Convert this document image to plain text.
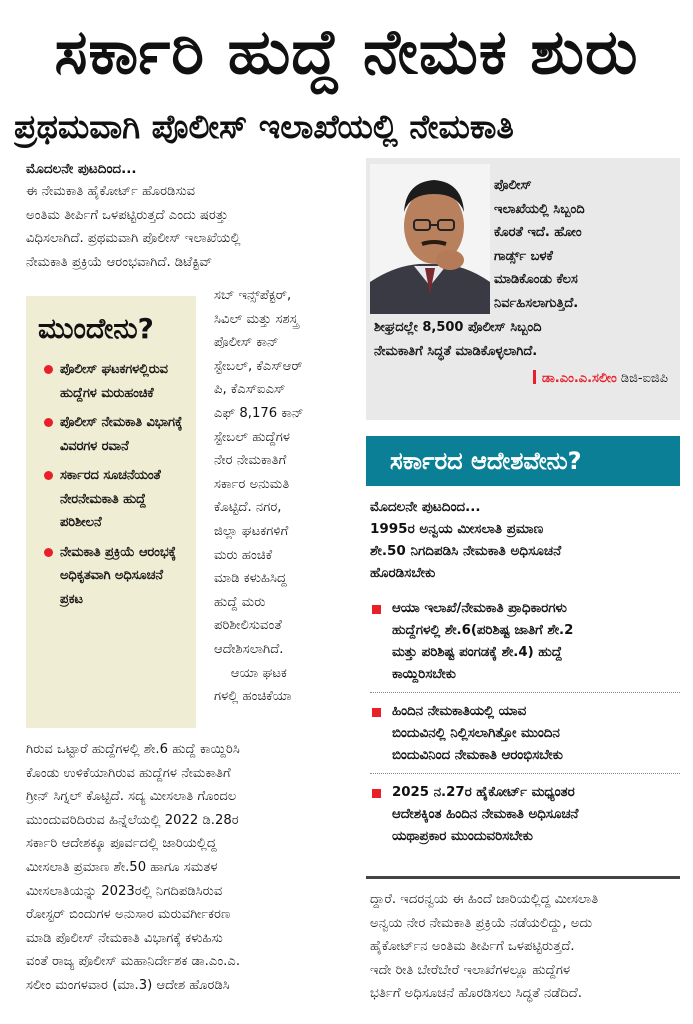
ಸರ್ಕಾರಿ ಹುದ್ದೆ ನೇಮಕ ಶುರು
ಪ್ರಥಮವಾಗಿ ಪೊಲೀಸ್ ಇಲಾಖೆಯಲ್ಲಿ ನೇಮಕಾತಿ
ಮೊದಲನೇ ಪುಟದಿಂದ...
ಈ ನೇಮಕಾತಿ ಹೈಕೋರ್ಟ್ ಹೊರಡಿಸುವ
ಅಂತಿಮ ತೀರ್ಪಿಗೆ ಒಳಪಟ್ಟಿರುತ್ತದೆ ಎಂದು ಷರತ್ತು
ವಿಧಿಸಲಾಗಿದೆ. ಪ್ರಥಮವಾಗಿ ಪೊಲೀಸ್ ಇಲಾಖೆಯಲ್ಲಿ
ನೇಮಕಾತಿ ಪ್ರಕ್ರಿಯೆ ಆರಂಭವಾಗಿದೆ. ಡಿಟೆಕ್ಟಿವ್
ಮುಂದೇನು?
ಪೊಲೀಸ್ ಘಟಕಗಳಲ್ಲಿರುವ ಹುದ್ದೆಗಳ ಮರುಹಂಚಿಕೆ
ಪೊಲೀಸ್ ನೇಮಕಾತಿ ವಿಭಾಗಕ್ಕೆ ವಿವರಗಳ ರವಾನೆ
ಸರ್ಕಾರದ ಸೂಚನೆಯಂತೆ ನೇರನೇಮಕಾತಿ ಹುದ್ದೆ ಪರಿಶೀಲನೆ
ನೇಮಕಾತಿ ಪ್ರಕ್ರಿಯೆ ಆರಂಭಕ್ಕೆ ಅಧಿಕೃತವಾಗಿ ಅಧಿಸೂಚನೆ ಪ್ರಕಟ
ಸಬ್ ಇನ್ಸ್‌ಪೆಕ್ಟರ್,
ಸಿವಿಲ್ ಮತ್ತು ಸಶಸ್ತ್ರ
ಪೊಲೀಸ್ ಕಾನ್
ಸ್ಟೇಬಲ್, ಕೆಎಸ್‌ಆರ್
ಪಿ, ಕೆಎಸ್ಐಎಸ್
ಎಫ್ 8,176 ಕಾನ್
ಸ್ಟೇಬಲ್ ಹುದ್ದೆಗಳ
ನೇರ ನೇಮಕಾತಿಗೆ
ಸರ್ಕಾರ ಅನುಮತಿ
ಕೊಟ್ಟಿದೆ. ನಗರ,
ಜಿಲ್ಲಾ ಘಟಕಗಳಿಗೆ
ಮರು ಹಂಚಿಕೆ
ಮಾಡಿ ಕಳುಹಿಸಿದ್ದ
ಹುದ್ದೆ ಮರು
ಪರಿಶೀಲಿಸುವಂತೆ
ಆದೇಶಿಸಲಾಗಿದೆ.
ಆಯಾ ಘಟಕ
ಗಳಲ್ಲಿ ಹಂಚಿಕೆಯಾ
ಗಿರುವ ಒಟ್ಟಾರೆ ಹುದ್ದೆಗಳಲ್ಲಿ ಶೇ.6 ಹುದ್ದೆ ಕಾಯ್ದಿರಿಸಿ
ಕೊಂಡು ಉಳಿಕೆಯಾಗಿರುವ ಹುದ್ದೆಗಳ ನೇಮಕಾತಿಗೆ
ಗ್ರೀನ್ ಸಿಗ್ನಲ್ ಕೊಟ್ಟಿದೆ. ಸದ್ಯ ಮೀಸಲಾತಿ ಗೊಂದಲ
ಮುಂದುವರಿದಿರುವ ಹಿನ್ನೆಲೆಯಲ್ಲಿ 2022 ಡಿ.28ರ
ಸರ್ಕಾರಿ ಆದೇಶಕ್ಕೂ ಪೂರ್ವದಲ್ಲಿ ಜಾರಿಯಲ್ಲಿದ್ದ
ಮೀಸಲಾತಿ ಪ್ರಮಾಣ ಶೇ.50 ಹಾಗೂ ಸಮತಳ
ಮೀಸಲಾತಿಯನ್ನು 2023ರಲ್ಲಿ ನಿಗದಿಪಡಿಸಿರುವ
ರೋಸ್ಟರ್ ಬಿಂದುಗಳ ಅನುಸಾರ ಮರುವರ್ಗೀಕರಣ
ಮಾಡಿ ಪೊಲೀಸ್ ನೇಮಕಾತಿ ವಿಭಾಗಕ್ಕೆ ಕಳುಹಿಸು
ವಂತೆ ರಾಜ್ಯ ಪೊಲೀಸ್ ಮಹಾನಿರ್ದೇಶಕ ಡಾ.ಎಂ.ಎ.
ಸಲೀಂ ಮಂಗಳವಾರ (ಮಾ.3) ಆದೇಶ ಹೊರಡಿಸಿ
ಪೊಲೀಸ್
ಇಲಾಖೆಯಲ್ಲಿ ಸಿಬ್ಬಂದಿ
ಕೊರತೆ ಇದೆ. ಹೋಂ
ಗಾರ್ಡ್ಸ್ ಬಳಕೆ
ಮಾಡಿಕೊಂಡು ಕೆಲಸ
ನಿರ್ವಹಿಸಲಾಗುತ್ತಿದೆ.
ಶೀಘ್ರದಲ್ಲೇ 8,500 ಪೊಲೀಸ್ ಸಿಬ್ಬಂದಿ
ನೇಮಕಾತಿಗೆ ಸಿದ್ಧತೆ ಮಾಡಿಕೊಳ್ಳಲಾಗಿದೆ.
ಡಾ.ಎಂ.ಎ.ಸಲೀಂ ಡಿಜಿ-ಐಜಿಪಿ
ಸರ್ಕಾರದ ಆದೇಶವೇನು?
ಮೊದಲನೇ ಪುಟದಿಂದ...
1995ರ ಅನ್ವಯ ಮೀಸಲಾತಿ ಪ್ರಮಾಣ
ಶೇ.50 ನಿಗದಿಪಡಿಸಿ ನೇಮಕಾತಿ ಅಧಿಸೂಚನೆ
ಹೊರಡಿಸಬೇಕು
ಆಯಾ ಇಲಾಖೆ/ನೇಮಕಾತಿ ಪ್ರಾಧಿಕಾರಗಳು
ಹುದ್ದೆಗಳಲ್ಲಿ ಶೇ.6(ಪರಿಶಿಷ್ಟ ಜಾತಿಗೆ ಶೇ.2
ಮತ್ತು ಪರಿಶಿಷ್ಟ ಪಂಗಡಕ್ಕೆ ಶೇ.4) ಹುದ್ದೆ
ಕಾಯ್ದಿರಿಸಬೇಕು
ಹಿಂದಿನ ನೇಮಕಾತಿಯಲ್ಲಿ ಯಾವ
ಬಿಂದುವಿನಲ್ಲಿ ನಿಲ್ಲಿಸಲಾಗಿತ್ತೋ ಮುಂದಿನ
ಬಿಂದುವಿನಿಂದ ನೇಮಕಾತಿ ಆರಂಭಿಸಬೇಕು
2025 ನ.27ರ ಹೈಕೋರ್ಟ್ ಮಧ್ಯಂತರ
ಆದೇಶಕ್ಕಿಂತ ಹಿಂದಿನ ನೇಮಕಾತಿ ಅಧಿಸೂಚನೆ
ಯಥಾಪ್ರಕಾರ ಮುಂದುವರಿಸಬೇಕು
ದ್ದಾರೆ. ಇದರನ್ವಯ ಈ ಹಿಂದೆ ಜಾರಿಯಲ್ಲಿದ್ದ ಮೀಸಲಾತಿ
ಅನ್ವಯ ನೇರ ನೇಮಕಾತಿ ಪ್ರಕ್ರಿಯೆ ನಡೆಯಲಿದ್ದು, ಅದು
ಹೈಕೋರ್ಟ್‌ನ ಅಂತಿಮ ತೀರ್ಪಿಗೆ ಒಳಪಟ್ಟಿರುತ್ತದೆ.
ಇದೇ ರೀತಿ ಬೇರೆಬೇರೆ ಇಲಾಖೆಗಳಲ್ಲೂ ಹುದ್ದೆಗಳ
ಭರ್ತಿಗೆ ಅಧಿಸೂಚನೆ ಹೊರಡಿಸಲು ಸಿದ್ಧತೆ ನಡೆದಿದೆ.
